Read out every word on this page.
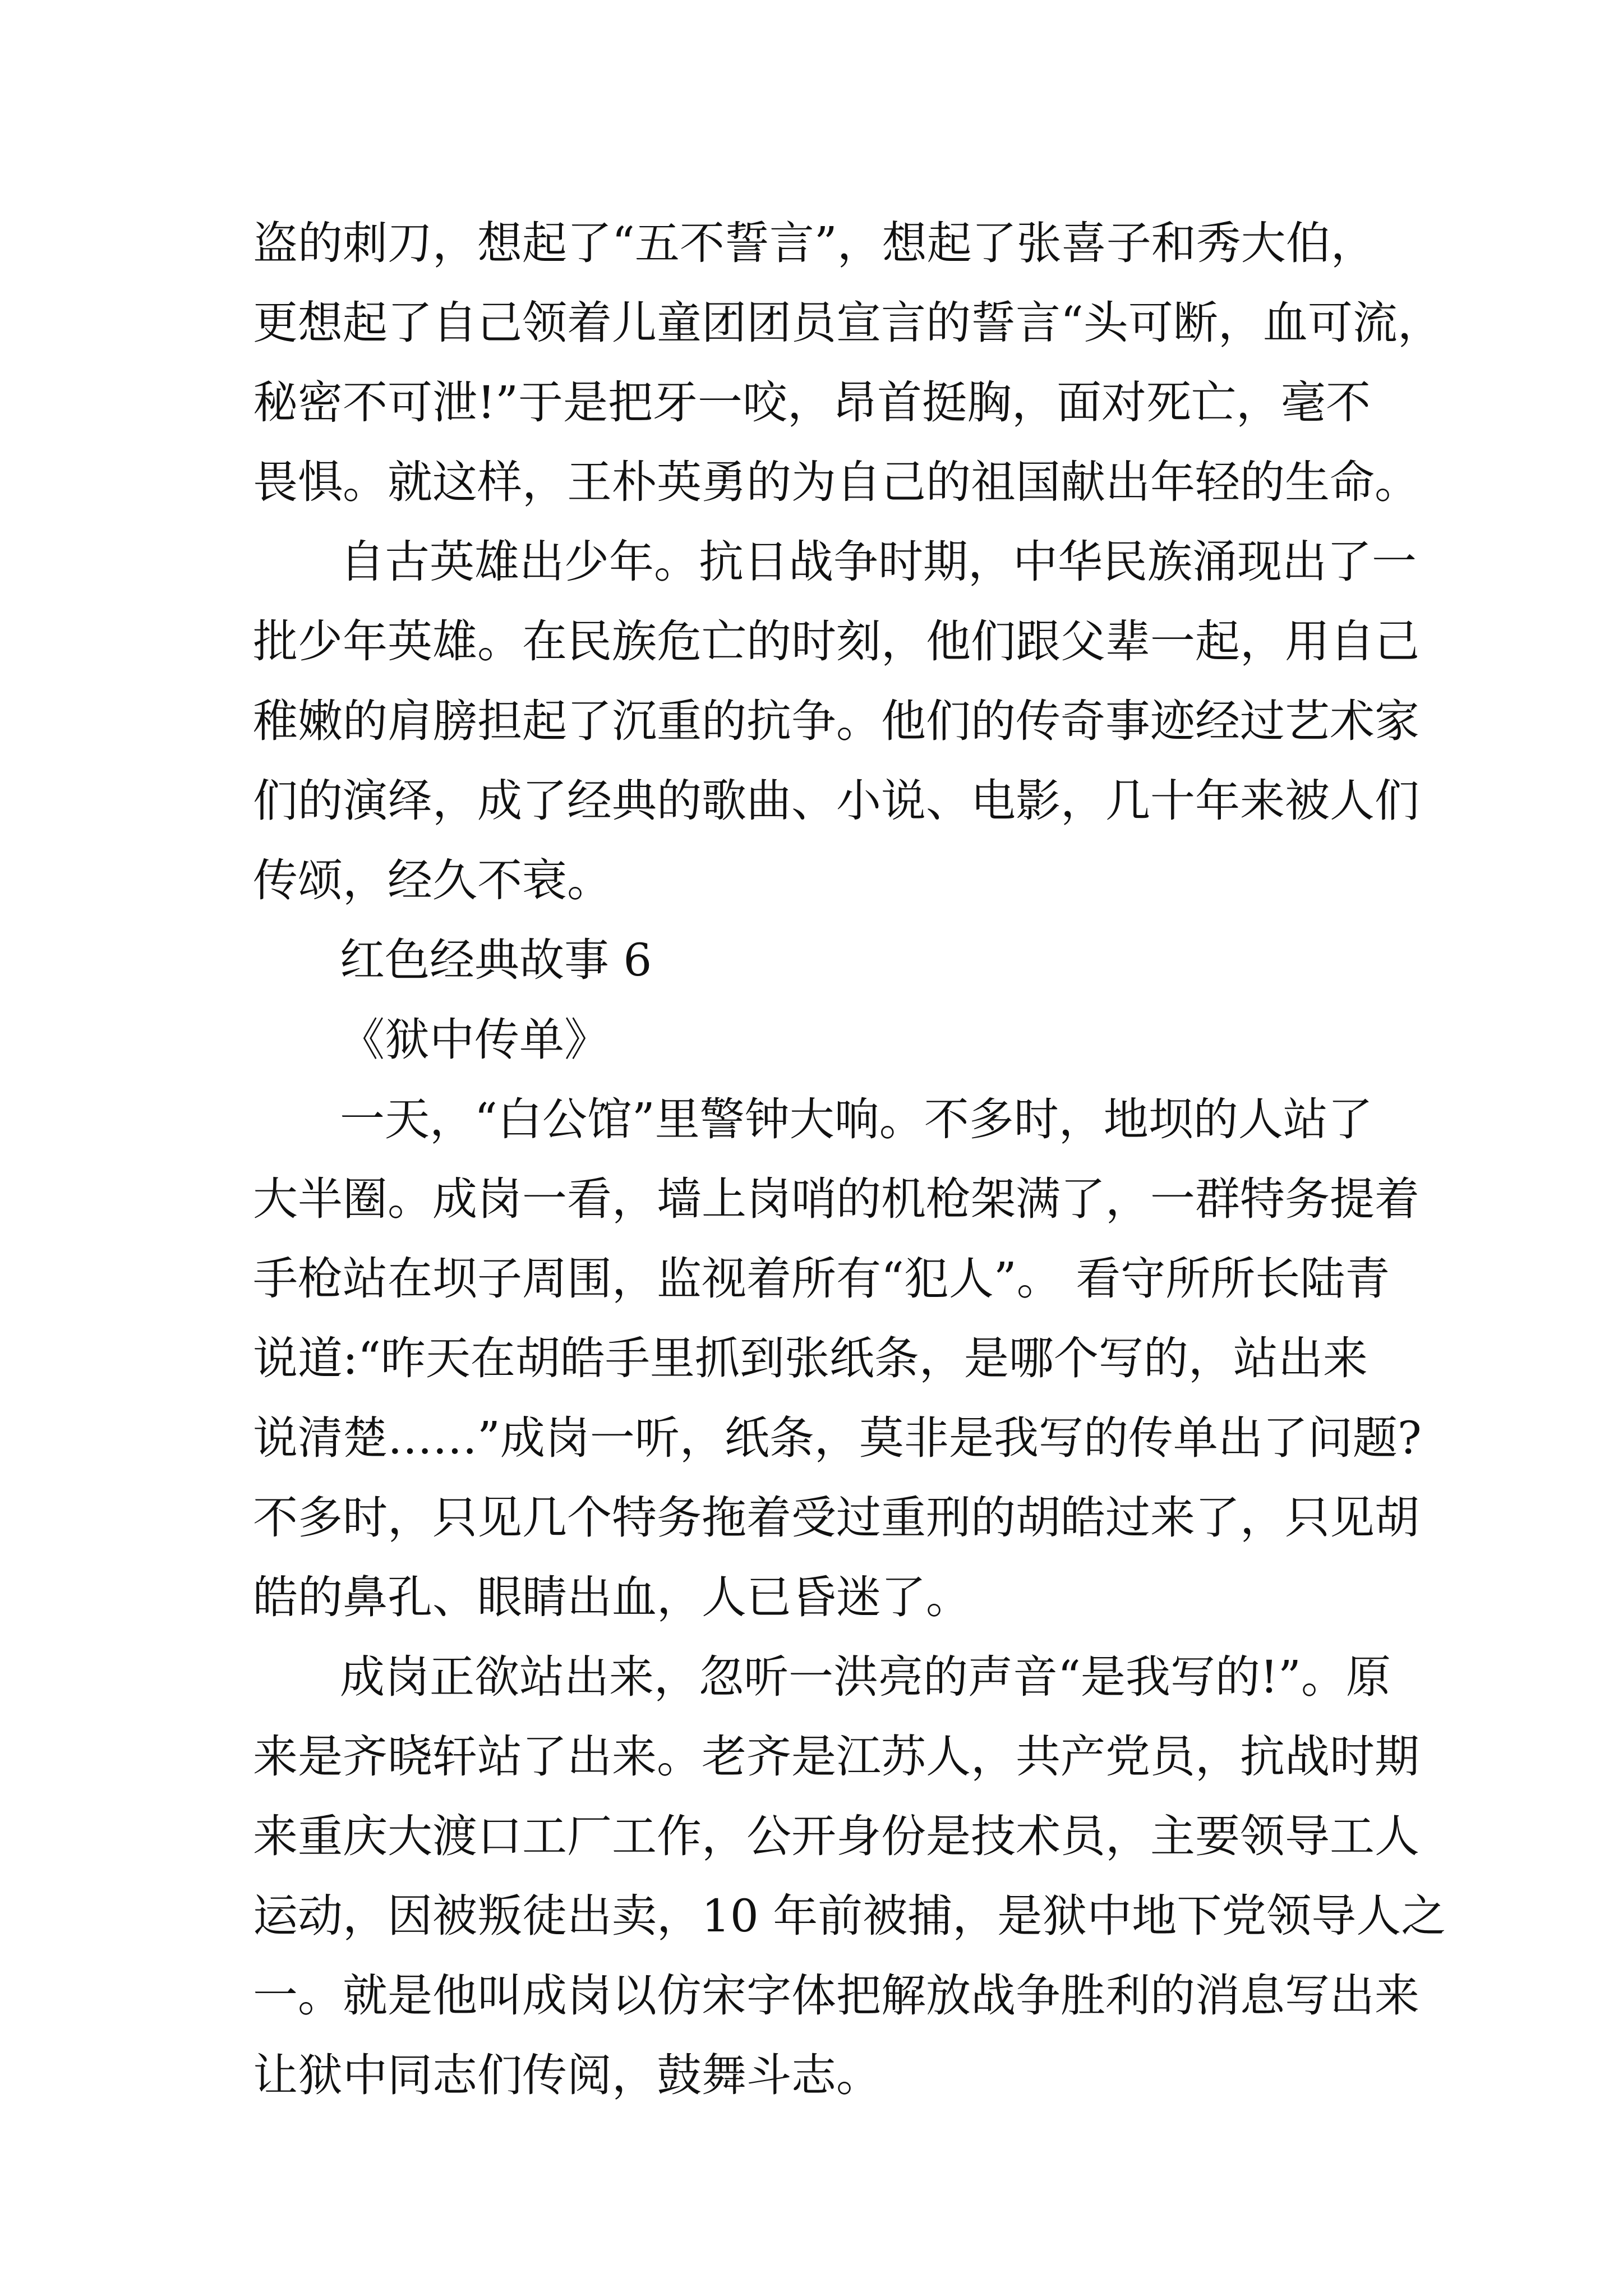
盗的刺刀，想起了“五不誓言”，想起了张喜子和秀大伯，
更想起了自己领着儿童团团员宣言的誓言“头可断，血可流，
秘密不可泄!”于是把牙一咬，昂首挺胸，面对死亡，毫不
畏惧。就这样，王朴英勇的为自己的祖国献出年轻的生命。
自古英雄出少年。抗日战争时期，中华民族涌现出了一
批少年英雄。在民族危亡的时刻，他们跟父辈一起，用自己
稚嫩的肩膀担起了沉重的抗争。他们的传奇事迹经过艺术家
们的演绎，成了经典的歌曲、小说、电影，几十年来被人们
传颂，经久不衰。
红色经典故事 6
《狱中传单》
一天，“白公馆”里警钟大响。不多时，地坝的人站了
大半圈。成岗一看，墙上岗哨的机枪架满了，一群特务提着
手枪站在坝子周围，监视着所有“犯人”。 看守所所长陆青
说道:“昨天在胡皓手里抓到张纸条，是哪个写的，站出来
说清楚……”成岗一听，纸条，莫非是我写的传单出了问题?
不多时，只见几个特务拖着受过重刑的胡皓过来了，只见胡
皓的鼻孔、眼睛出血，人已昏迷了。
成岗正欲站出来，忽听一洪亮的声音“是我写的!”。原
来是齐晓轩站了出来。老齐是江苏人，共产党员，抗战时期
来重庆大渡口工厂工作，公开身份是技术员，主要领导工人
运动，因被叛徒出卖，10 年前被捕，是狱中地下党领导人之
一。就是他叫成岗以仿宋字体把解放战争胜利的消息写出来
让狱中同志们传阅，鼓舞斗志。
